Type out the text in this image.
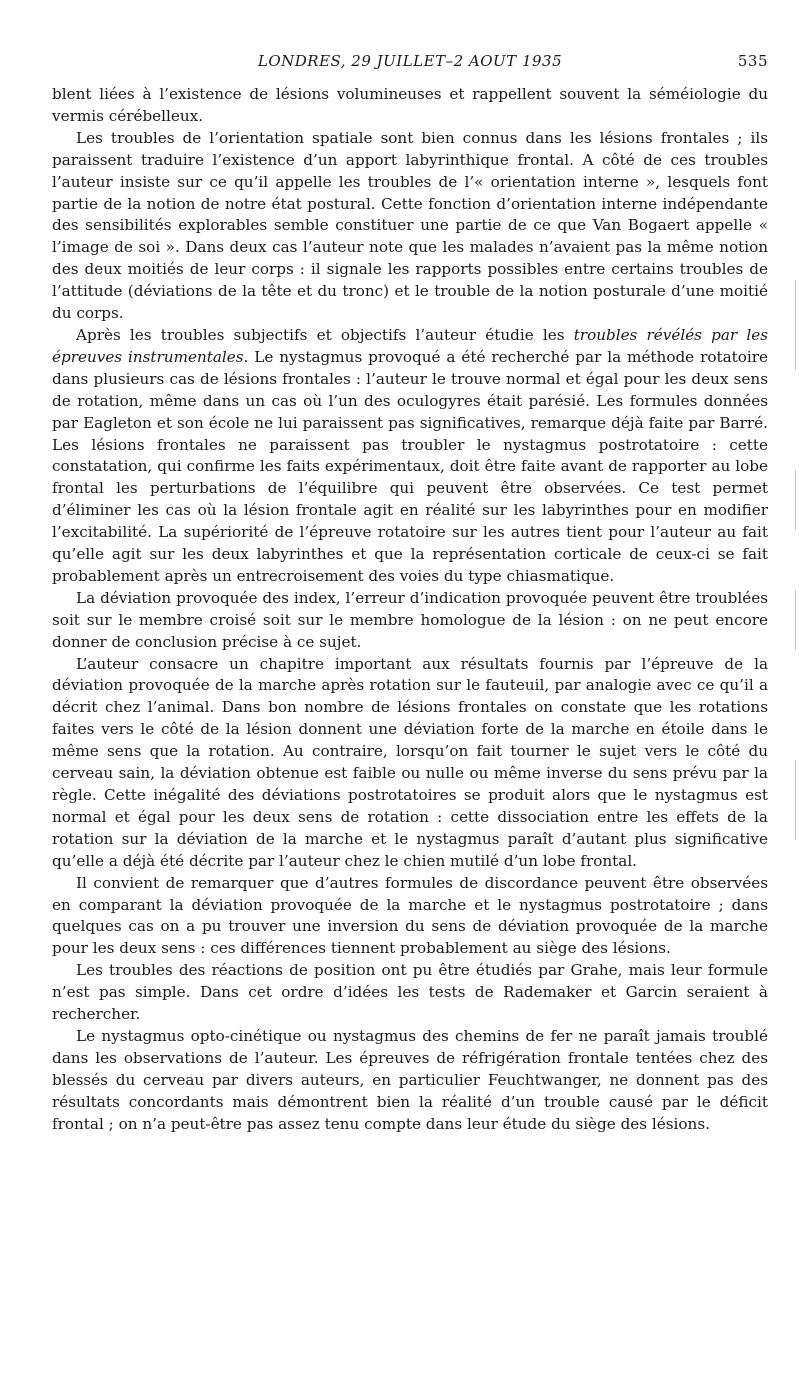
LONDRES, 29 JUILLET–2 AOUT 1935	535

blent liées à l’existence de lésions volumineuses et rappellent souvent la séméiologie du vermis cérébelleux.

Les troubles de l’orientation spatiale sont bien connus dans les lésions frontales ; ils paraissent traduire l’existence d’un apport labyrinthique frontal. A côté de ces troubles l’auteur insiste sur ce qu’il appelle les troubles de l’« orientation interne », lesquels font partie de la notion de notre état postural. Cette fonction d’orientation interne indépendante des sensibilités explorables semble constituer une partie de ce que Van Bogaert appelle « l’image de soi ». Dans deux cas l’auteur note que les malades n’avaient pas la même notion des deux moitiés de leur corps : il signale les rapports possibles entre certains troubles de l’attitude (déviations de la tête et du tronc) et le trouble de la notion posturale d’une moitié du corps.

Après les troubles subjectifs et objectifs l’auteur étudie les troubles révélés par les épreuves instrumentales. Le nystagmus provoqué a été recherché par la méthode rotatoire dans plusieurs cas de lésions frontales : l’auteur le trouve normal et égal pour les deux sens de rotation, même dans un cas où l’un des oculogyres était parésié. Les formules données par Eagleton et son école ne lui paraissent pas significatives, remarque déjà faite par Barré. Les lésions frontales ne paraissent pas troubler le nystagmus postrotatoire : cette constatation, qui confirme les faits expérimentaux, doit être faite avant de rapporter au lobe frontal les perturbations de l’équilibre qui peuvent être observées. Ce test permet d’éliminer les cas où la lésion frontale agit en réalité sur les labyrinthes pour en modifier l’excitabilité. La supériorité de l’épreuve rotatoire sur les autres tient pour l’auteur au fait qu’elle agit sur les deux labyrinthes et que la représentation corticale de ceux-ci se fait probablement après un entrecroisement des voies du type chiasmatique.

La déviation provoquée des index, l’erreur d’indication provoquée peuvent être troublées soit sur le membre croisé soit sur le membre homologue de la lésion : on ne peut encore donner de conclusion précise à ce sujet.

L’auteur consacre un chapitre important aux résultats fournis par l’épreuve de la déviation provoquée de la marche après rotation sur le fauteuil, par analogie avec ce qu’il a décrit chez l’animal. Dans bon nombre de lésions frontales on constate que les rotations faites vers le côté de la lésion donnent une déviation forte de la marche en étoile dans le même sens que la rotation. Au contraire, lorsqu’on fait tourner le sujet vers le côté du cerveau sain, la déviation obtenue est faible ou nulle ou même inverse du sens prévu par la règle. Cette inégalité des déviations postrotatoires se produit alors que le nystagmus est normal et égal pour les deux sens de rotation : cette dissociation entre les effets de la rotation sur la déviation de la marche et le nystagmus paraît d’autant plus significative qu’elle a déjà été décrite par l’auteur chez le chien mutilé d’un lobe frontal.

Il convient de remarquer que d’autres formules de discordance peuvent être observées en comparant la déviation provoquée de la marche et le nystagmus postrotatoire ; dans quelques cas on a pu trouver une inversion du sens de déviation provoquée de la marche pour les deux sens : ces différences tiennent probablement au siège des lésions.

Les troubles des réactions de position ont pu être étudiés par Grahe, mais leur formule n’est pas simple. Dans cet ordre d’idées les tests de Rademaker et Garcin seraient à rechercher.

Le nystagmus opto-cinétique ou nystagmus des chemins de fer ne paraît jamais troublé dans les observations de l’auteur. Les épreuves de réfrigération frontale tentées chez des blessés du cerveau par divers auteurs, en particulier Feuchtwanger, ne donnent pas des résultats concordants mais démontrent bien la réalité d’un trouble causé par le déficit frontal ; on n’a peut-être pas assez tenu compte dans leur étude du siège des lésions.
